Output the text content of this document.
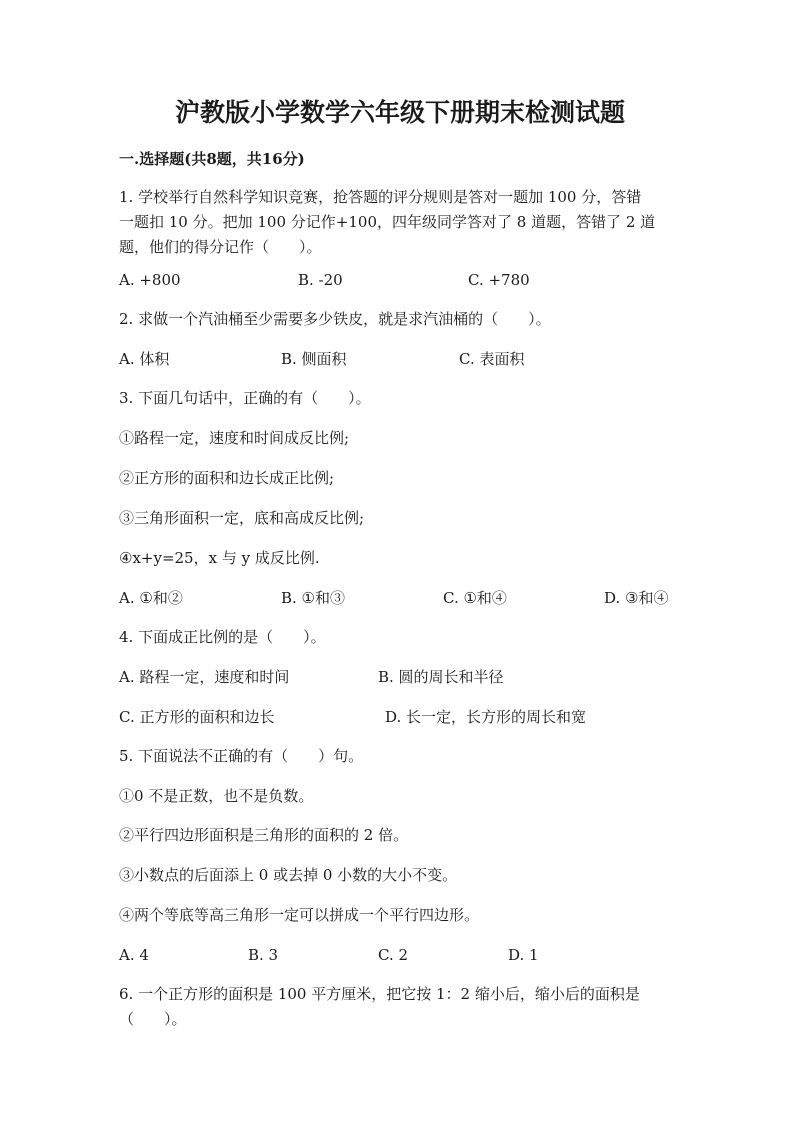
沪教版小学数学六年级下册期末检测试题
一.选择题(共8题，共16分)
1. 学校举行自然科学知识竞赛，抢答题的评分规则是答对一题加 100 分，答错
一题扣 10 分。把加 100 分记作+100，四年级同学答对了 8 道题，答错了 2 道
题，他们的得分记作（　　）。
A. +800	B. -20	C. +780
2. 求做一个汽油桶至少需要多少铁皮，就是求汽油桶的（　　）。
A. 体积	B. 侧面积	C. 表面积
3. 下面几句话中，正确的有（　　）。
①路程一定，速度和时间成反比例;
②正方形的面积和边长成正比例;
③三角形面积一定，底和高成反比例;
④x+y=25，x 与 y 成反比例.
A. ①和②	B. ①和③	C. ①和④	D. ③和④
4. 下面成正比例的是（　　）。
A. 路程一定，速度和时间	B. 圆的周长和半径
C. 正方形的面积和边长	D. 长一定，长方形的周长和宽
5. 下面说法不正确的有（　　）句。
①0 不是正数，也不是负数。
②平行四边形面积是三角形的面积的 2 倍。
③小数点的后面添上 0 或去掉 0 小数的大小不变。
④两个等底等高三角形一定可以拼成一个平行四边形。
A. 4	B. 3	C. 2	D. 1
6. 一个正方形的面积是 100 平方厘米，把它按 1：2 缩小后，缩小后的面积是
（　　）。
